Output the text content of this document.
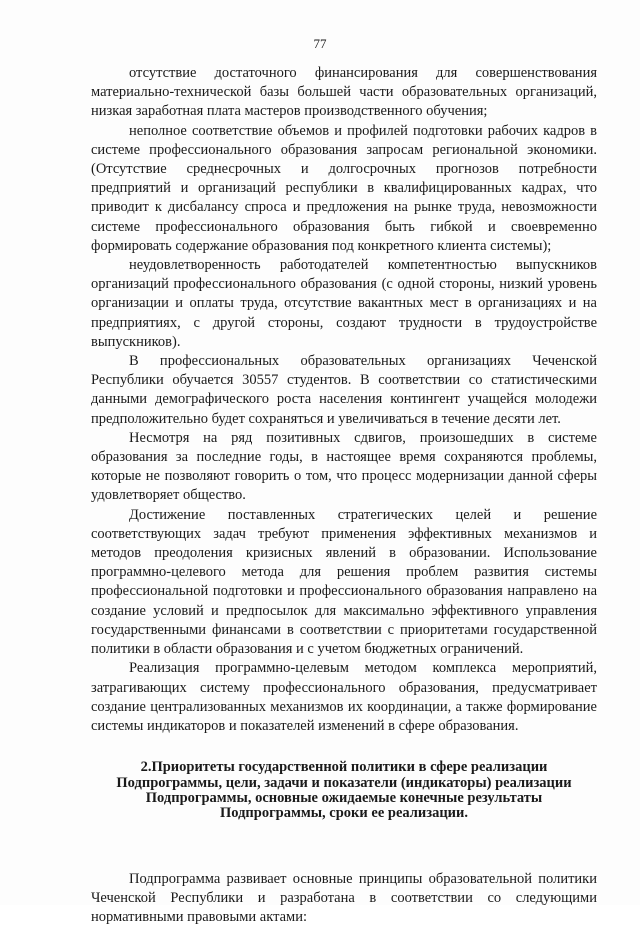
77

отсутствие достаточного финансирования для совершенствования материально-технической базы большей части образовательных организаций, низкая заработная плата мастеров производственного обучения;

неполное соответствие объемов и профилей подготовки рабочих кадров в системе профессионального образования запросам региональной экономики. (Отсутствие среднесрочных и долгосрочных прогнозов потребности предприятий и организаций республики в квалифицированных кадрах, что приводит к дисбалансу спроса и предложения на рынке труда, невозможности системе профессионального образования быть гибкой и своевременно формировать содержание образования под конкретного клиента системы);

неудовлетворенность работодателей компетентностью выпускников организаций профессионального образования (с одной стороны, низкий уровень организации и оплаты труда, отсутствие вакантных мест в организациях и на предприятиях, с другой стороны, создают трудности в трудоустройстве выпускников).

В профессиональных образовательных организациях Чеченской Республики обучается 30557 студентов. В соответствии со статистическими данными демографического роста населения контингент учащейся молодежи предположительно будет сохраняться и увеличиваться в течение десяти лет.

Несмотря на ряд позитивных сдвигов, произошедших в системе образования за последние годы, в настоящее время сохраняются проблемы, которые не позволяют говорить о том, что процесс модернизации данной сферы удовлетворяет общество.

Достижение поставленных стратегических целей и решение соответствующих задач требуют применения эффективных механизмов и методов преодоления кризисных явлений в образовании. Использование программно-целевого метода для решения проблем развития системы профессиональной подготовки и профессионального образования направлено на создание условий и предпосылок для максимально эффективного управления государственными финансами в соответствии с приоритетами государственной политики в области образования и с учетом бюджетных ограничений.

Реализация программно-целевым методом комплекса мероприятий, затрагивающих систему профессионального образования, предусматривает создание централизованных механизмов их координации, а также формирование системы индикаторов и показателей изменений в сфере образования.

2.Приоритеты государственной политики в сфере реализации
Подпрограммы, цели, задачи и показатели (индикаторы) реализации
Подпрограммы, основные ожидаемые конечные результаты
Подпрограммы, сроки ее реализации.

Подпрограмма развивает основные принципы образовательной политики Чеченской Республики и разработана в соответствии со следующими нормативными правовыми актами:
